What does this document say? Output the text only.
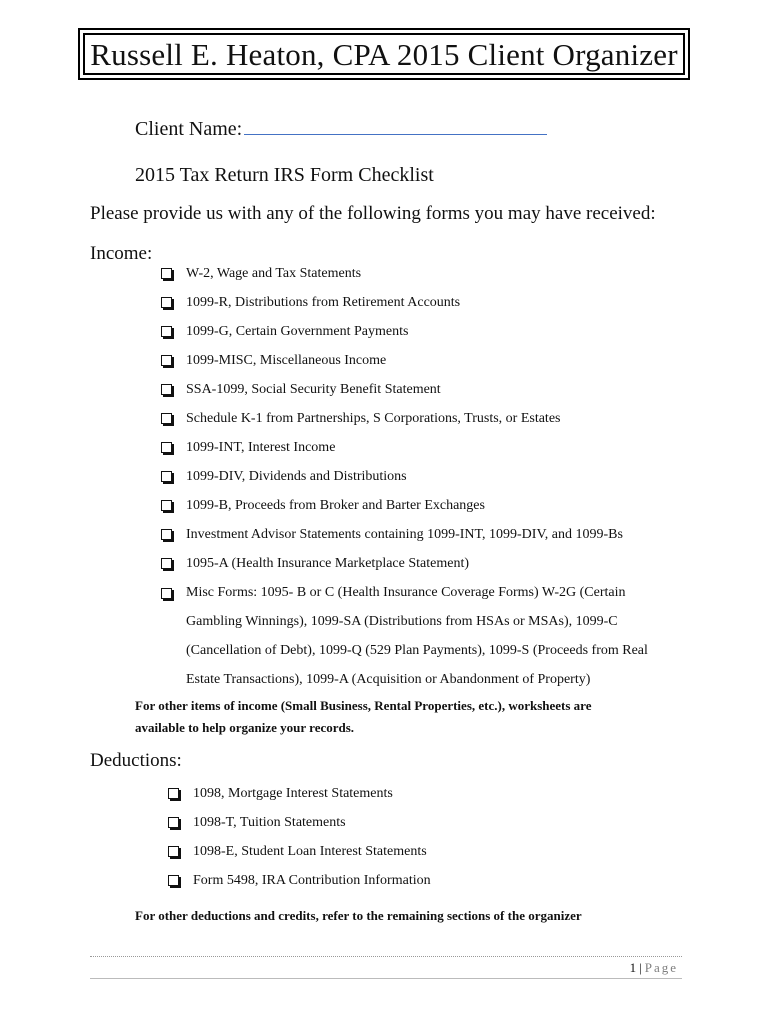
Russell E. Heaton, CPA 2015 Client Organizer
Client Name:
2015 Tax Return IRS Form Checklist
Please provide us with any of the following forms you may have received:
Income:
W-2, Wage and Tax Statements
1099-R, Distributions from Retirement Accounts
1099-G, Certain Government Payments
1099-MISC, Miscellaneous Income
SSA-1099, Social Security Benefit Statement
Schedule K-1 from Partnerships, S Corporations, Trusts, or Estates
1099-INT, Interest Income
1099-DIV, Dividends and Distributions
1099-B, Proceeds from Broker and Barter Exchanges
Investment Advisor Statements containing 1099-INT, 1099-DIV, and 1099-Bs
1095-A (Health Insurance Marketplace Statement)
Misc Forms: 1095- B or C (Health Insurance Coverage Forms) W-2G (Certain
Gambling Winnings), 1099-SA (Distributions from HSAs or MSAs), 1099-C
(Cancellation of Debt), 1099-Q (529 Plan Payments), 1099-S (Proceeds from Real
Estate Transactions), 1099-A (Acquisition or Abandonment of Property)
For other items of income (Small Business, Rental Properties, etc.), worksheets are
available to help organize your records.
Deductions:
1098, Mortgage Interest Statements
1098-T, Tuition Statements
1098-E, Student Loan Interest Statements
Form 5498, IRA Contribution Information
For other deductions and credits, refer to the remaining sections of the organizer
1 | Page
